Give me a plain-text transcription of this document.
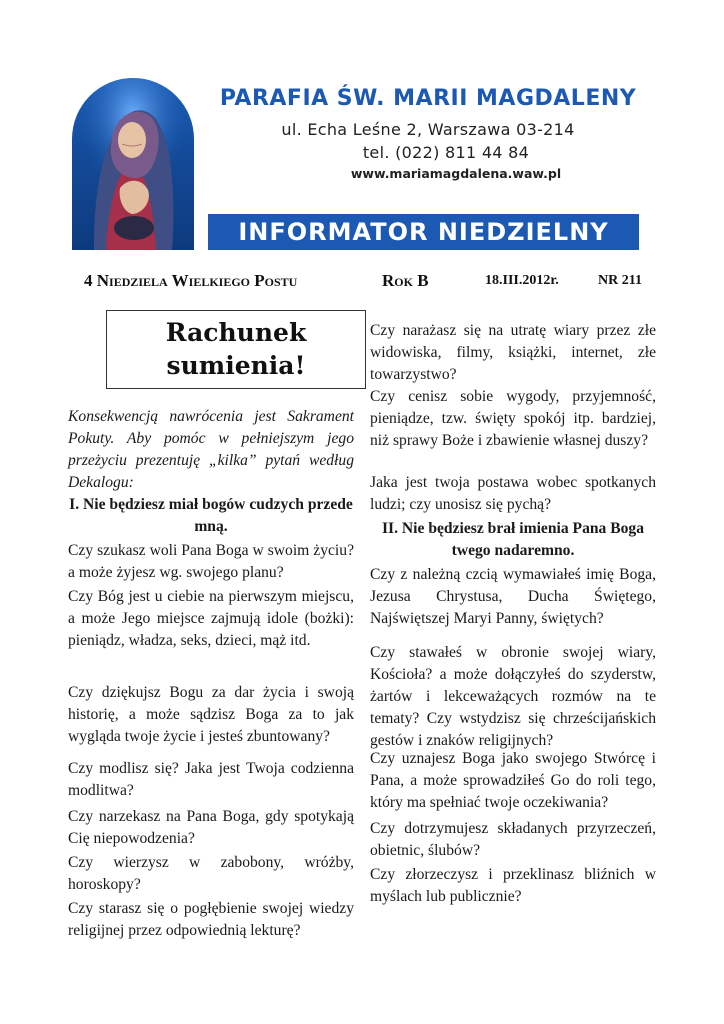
PARAFIA ŚW. MARII MAGDALENY
ul. Echa Leśne 2, Warszawa 03-214
tel. (022) 811 44 84
www.mariamagdalena.waw.pl
INFORMATOR NIEDZIELNY
4 Niedziela Wielkiego Postu	Rok B	18.III.2012r.	NR 211
Rachunek
sumienia!
Konsekwencją nawrócenia jest Sakrament Pokuty. Aby pomóc w pełniejszym jego przeżyciu prezentuję „kilka” pytań według Dekalogu:
I. Nie będziesz miał bogów cudzych przede mną.
Czy szukasz woli Pana Boga w swoim życiu? a może żyjesz wg. swojego planu?
Czy Bóg jest u ciebie na pierwszym miejscu, a może Jego miejsce zajmują idole (bożki): pieniądz, władza, seks, dzieci, mąż itd.
Czy dziękujsz Bogu za dar życia i swoją historię, a może sądzisz Boga za to jak wygląda twoje życie i jesteś zbuntowany?
Czy modlisz się? Jaka jest Twoja codzienna modlitwa?
Czy narzekasz na Pana Boga, gdy spotykają Cię niepowodzenia?
Czy wierzysz w zabobony, wróżby, horoskopy?
Czy starasz się o pogłębienie swojej wiedzy religijnej przez odpowiednią lekturę?
Czy narażasz się na utratę wiary przez złe widowiska, filmy, książki, internet, złe towarzystwo?
Czy cenisz sobie wygody, przyjemność, pieniądze, tzw. święty spokój itp. bardziej, niż sprawy Boże i zbawienie własnej duszy?
Jaka jest twoja postawa wobec spotkanych ludzi; czy unosisz się pychą?
II. Nie będziesz brał imienia Pana Boga twego nadaremno.
Czy z należną czcią wymawiałeś imię Boga, Jezusa Chrystusa, Ducha Świętego, Najświętszej Maryi Panny, świętych?
Czy stawałeś w obronie swojej wiary, Kościoła? a może dołączyłeś do szyderstw, żartów i lekceważących rozmów na te tematy? Czy wstydzisz się chrześcijańskich gestów i znaków religijnych?
Czy uznajesz Boga jako swojego Stwórcę i Pana, a może sprowadziłeś Go do roli tego, który ma spełniać twoje oczekiwania?
Czy dotrzymujesz składanych przyrzeczeń, obietnic, ślubów?
Czy złorzeczysz i przeklinasz bliźnich w myślach lub publicznie?
